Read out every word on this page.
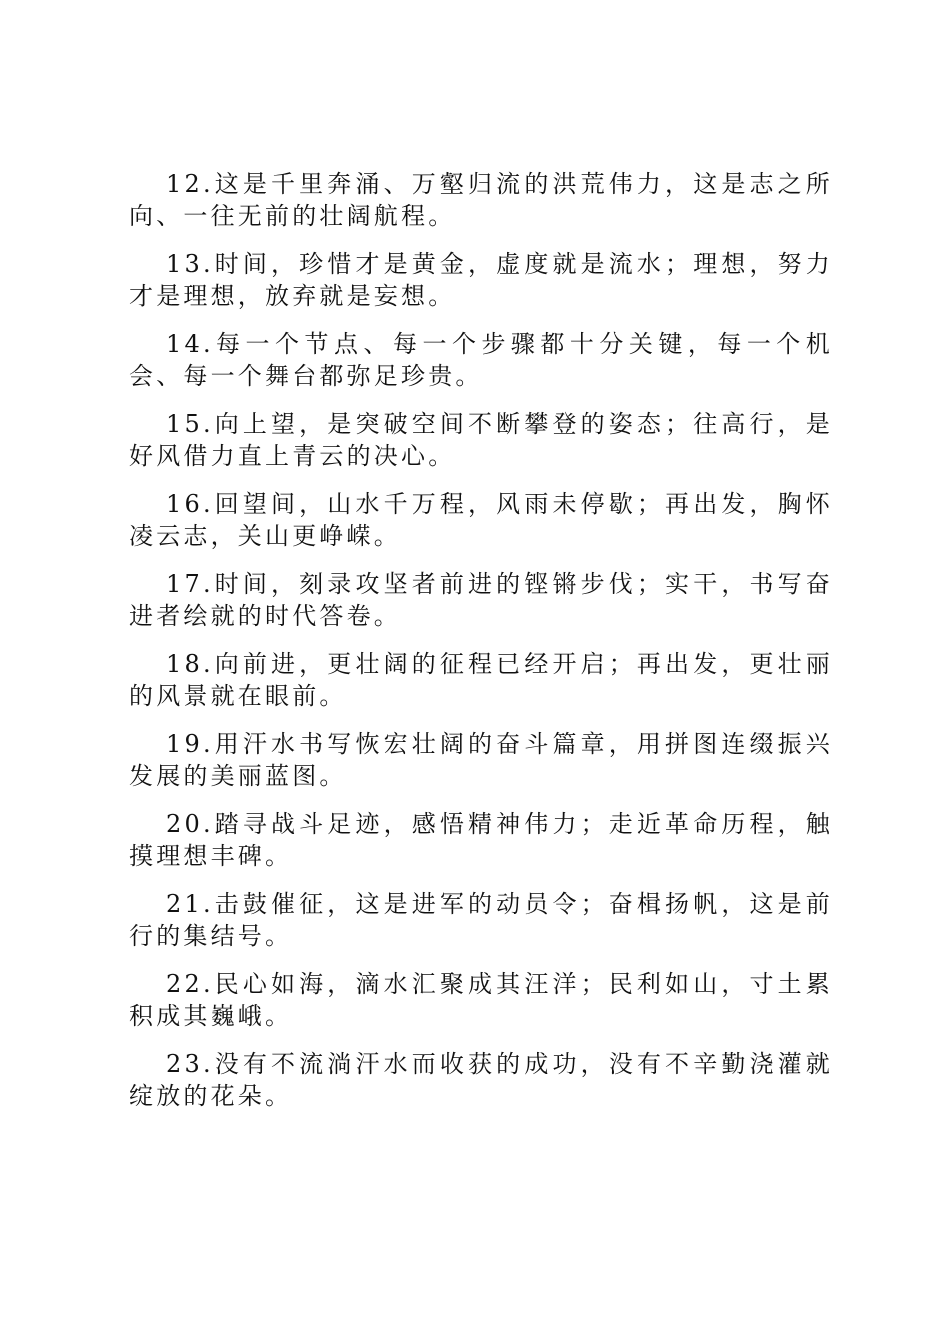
12.这是千里奔涌、万壑归流的洪荒伟力，这是志之所向、一往无前的壮阔航程。

13.时间，珍惜才是黄金，虚度就是流水；理想，努力才是理想，放弃就是妄想。

14.每一个节点、每一个步骤都十分关键，每一个机会、每一个舞台都弥足珍贵。

15.向上望，是突破空间不断攀登的姿态；往高行，是好风借力直上青云的决心。

16.回望间，山水千万程，风雨未停歇；再出发，胸怀凌云志，关山更峥嵘。

17.时间，刻录攻坚者前进的铿锵步伐；实干，书写奋进者绘就的时代答卷。

18.向前进，更壮阔的征程已经开启；再出发，更壮丽的风景就在眼前。

19.用汗水书写恢宏壮阔的奋斗篇章，用拼图连缀振兴发展的美丽蓝图。

20.踏寻战斗足迹，感悟精神伟力；走近革命历程，触摸理想丰碑。

21.击鼓催征，这是进军的动员令；奋楫扬帆，这是前行的集结号。

22.民心如海，滴水汇聚成其汪洋；民利如山，寸土累积成其巍峨。

23.没有不流淌汗水而收获的成功，没有不辛勤浇灌就绽放的花朵。
